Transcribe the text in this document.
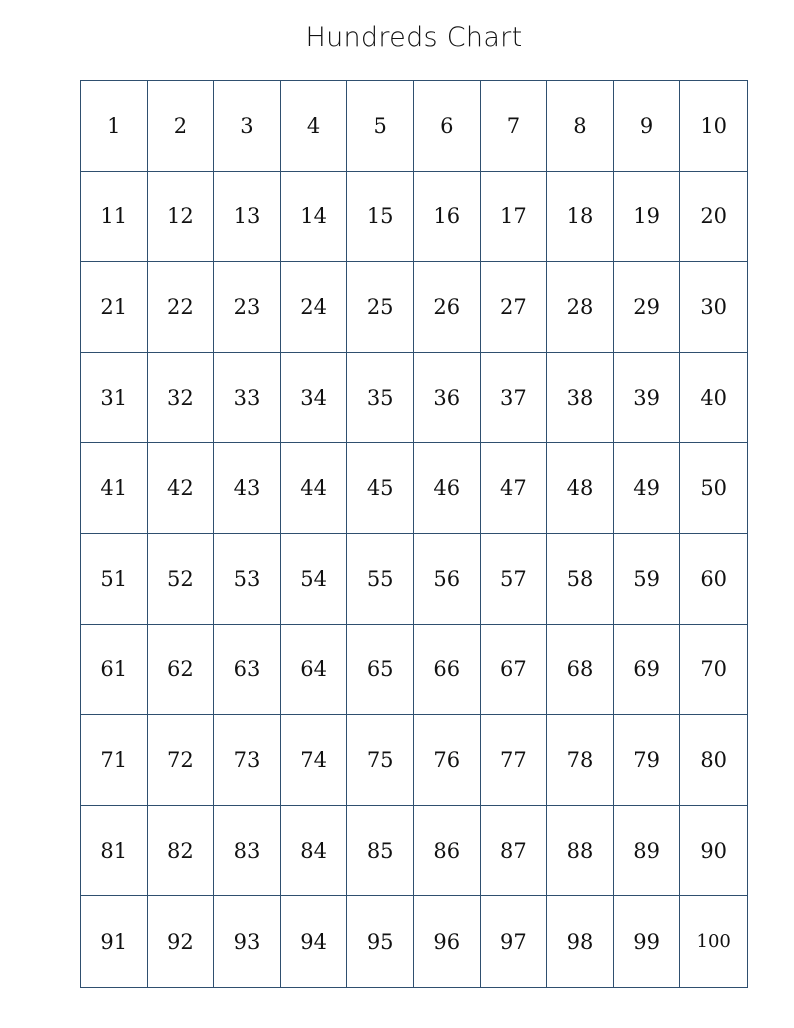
Hundreds Chart
1	2	3	4	5	6	7	8	9	10
11	12	13	14	15	16	17	18	19	20
21	22	23	24	25	26	27	28	29	30
31	32	33	34	35	36	37	38	39	40
41	42	43	44	45	46	47	48	49	50
51	52	53	54	55	56	57	58	59	60
61	62	63	64	65	66	67	68	69	70
71	72	73	74	75	76	77	78	79	80
81	82	83	84	85	86	87	88	89	90
91	92	93	94	95	96	97	98	99	100
